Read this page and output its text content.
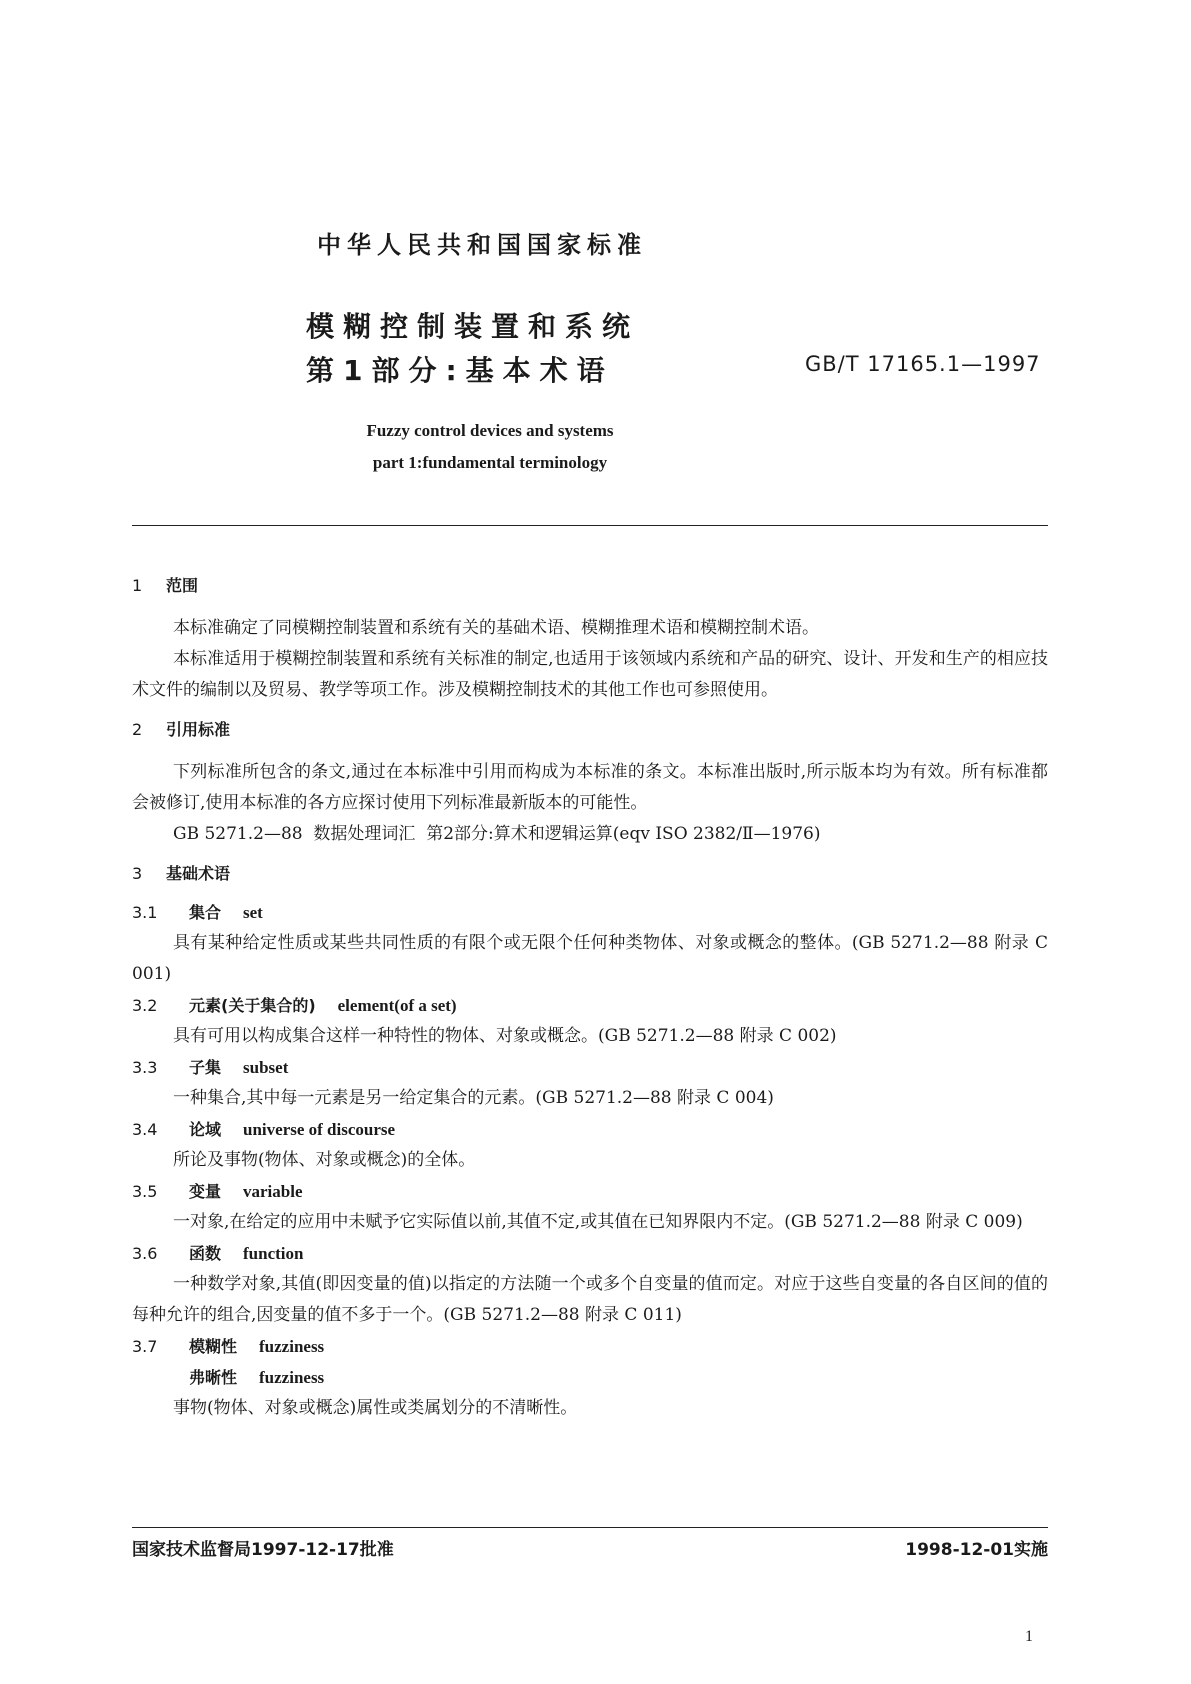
中华人民共和国国家标准
模糊控制装置和系统
第1部分:基本术语	GB/T 17165.1—1997
Fuzzy control devices and systems
part 1:fundamental terminology

1 范围

本标准确定了同模糊控制装置和系统有关的基础术语、模糊推理术语和模糊控制术语。

本标准适用于模糊控制装置和系统有关标准的制定,也适用于该领域内系统和产品的研究、设计、开发和生产的相应技术文件的编制以及贸易、教学等项工作。涉及模糊控制技术的其他工作也可参照使用。

2 引用标准

下列标准所包含的条文,通过在本标准中引用而构成为本标准的条文。本标准出版时,所示版本均为有效。所有标准都会被修订,使用本标准的各方应探讨使用下列标准最新版本的可能性。

GB 5271.2—88  数据处理词汇  第2部分:算术和逻辑运算(eqv ISO 2382/Ⅱ—1976)

3 基础术语

3.1 集合 set

具有某种给定性质或某些共同性质的有限个或无限个任何种类物体、对象或概念的整体。(GB 5271.2—88 附录 C 001)

3.2 元素(关于集合的) element(of a set)

具有可用以构成集合这样一种特性的物体、对象或概念。(GB 5271.2—88 附录 C 002)

3.3 子集 subset

一种集合,其中每一元素是另一给定集合的元素。(GB 5271.2—88 附录 C 004)

3.4 论域 universe of discourse

所论及事物(物体、对象或概念)的全体。

3.5 变量 variable

一对象,在给定的应用中未赋予它实际值以前,其值不定,或其值在已知界限内不定。(GB 5271.2—88 附录 C 009)

3.6 函数 function

一种数学对象,其值(即因变量的值)以指定的方法随一个或多个自变量的值而定。对应于这些自变量的各自区间的值的每种允许的组合,因变量的值不多于一个。(GB 5271.2—88 附录 C 011)

3.7 模糊性 fuzziness

弗晰性 fuzziness

事物(物体、对象或概念)属性或类属划分的不清晰性。

国家技术监督局1997-12-17批准	1998-12-01实施
1
